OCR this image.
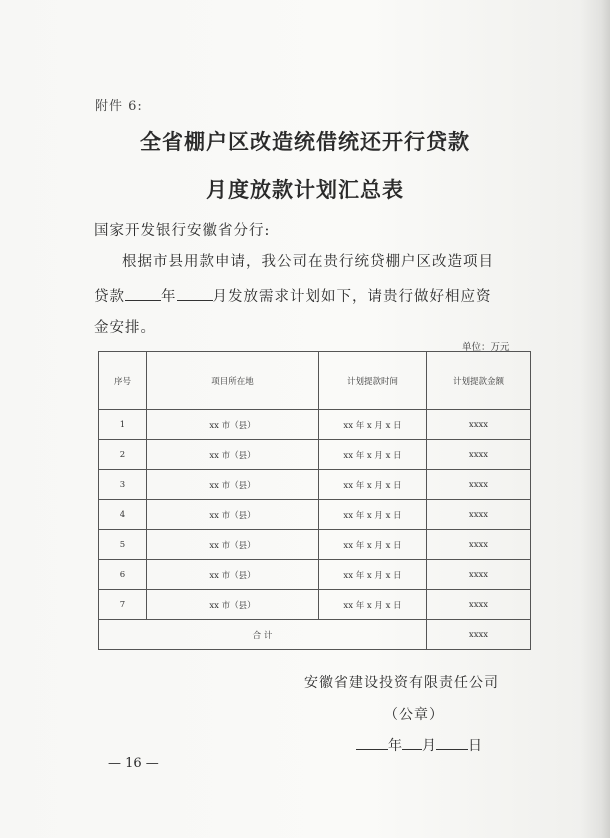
附件 6:
全省棚户区改造统借统还开行贷款
月度放款计划汇总表
国家开发银行安徽省分行:
根据市县用款申请，我公司在贵行统贷棚户区改造项目
贷款 年 月发放需求计划如下，请贵行做好相应资
金安排。
单位：万元
序号	项目所在地	计划提款时间	计划提款金额
1	xx 市（县）	xx 年 x 月 x 日	xxxx
2	xx 市（县）	xx 年 x 月 x 日	xxxx
3	xx 市（县）	xx 年 x 月 x 日	xxxx
4	xx 市（县）	xx 年 x 月 x 日	xxxx
5	xx 市（县）	xx 年 x 月 x 日	xxxx
6	xx 市（县）	xx 年 x 月 x 日	xxxx
7	xx 市（县）	xx 年 x 月 x 日	xxxx
合 计			xxxx
安徽省建设投资有限责任公司
（公章）
年 月 日
— 16 —
